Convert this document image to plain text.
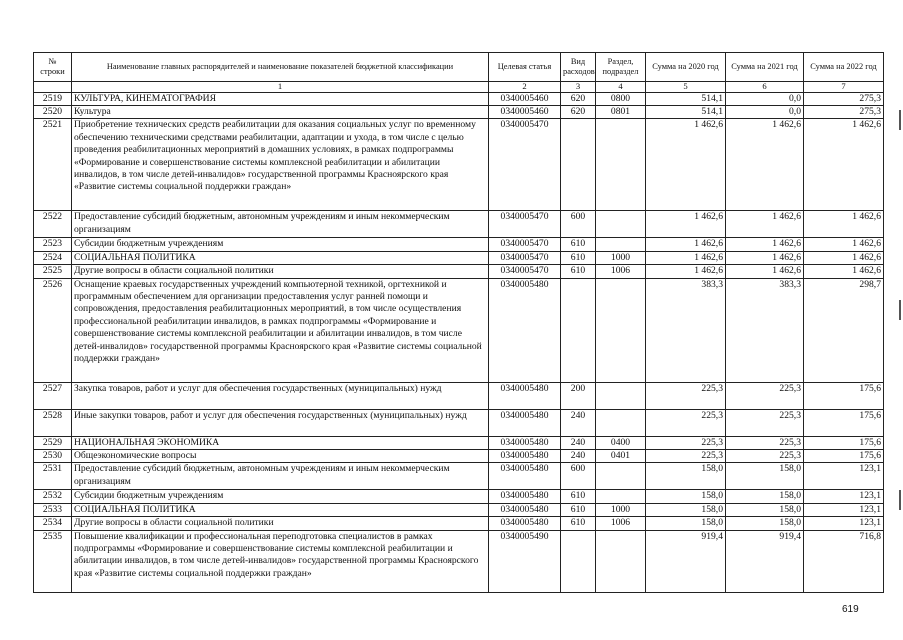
№ строки	Наименование главных распорядителей и наименование показателей бюджетной классификации	Целевая статья	Вид расходов	Раздел, подраздел	Сумма на 2020 год	Сумма на 2021 год	Сумма на 2022 год
	1	2	3	4	5	6	7
2519	КУЛЬТУРА, КИНЕМАТОГРАФИЯ	0340005460	620	0800	514,1	0,0	275,3
2520	Культура	0340005460	620	0801	514,1	0,0	275,3
2521	Приобретение технических средств реабилитации для оказания социальных услуг по временному обеспечению техническими средствами реабилитации, адаптации и ухода, в том числе с целью проведения реабилитационных мероприятий в домашних условиях, в рамках подпрограммы «Формирование и совершенствование системы комплексной реабилитации и абилитации инвалидов, в том числе детей-инвалидов» государственной программы Красноярского края «Развитие системы социальной поддержки граждан»	0340005470			1 462,6	1 462,6	1 462,6
2522	Предоставление субсидий бюджетным, автономным учреждениям и иным некоммерческим организациям	0340005470	600		1 462,6	1 462,6	1 462,6
2523	Субсидии бюджетным учреждениям	0340005470	610		1 462,6	1 462,6	1 462,6
2524	СОЦИАЛЬНАЯ ПОЛИТИКА	0340005470	610	1000	1 462,6	1 462,6	1 462,6
2525	Другие вопросы в области социальной политики	0340005470	610	1006	1 462,6	1 462,6	1 462,6
2526	Оснащение краевых государственных учреждений компьютерной техникой, оргтехникой и программным обеспечением для организации предоставления услуг ранней помощи и сопровождения, предоставления реабилитационных мероприятий, в том числе осуществления профессиональной реабилитации инвалидов, в рамках подпрограммы «Формирование и совершенствование системы комплексной реабилитации и абилитации инвалидов, в том числе детей-инвалидов» государственной программы Красноярского края «Развитие системы социальной поддержки граждан»	0340005480			383,3	383,3	298,7
2527	Закупка товаров, работ и услуг для обеспечения государственных (муниципальных) нужд	0340005480	200		225,3	225,3	175,6
2528	Иные закупки товаров, работ и услуг для обеспечения государственных (муниципальных) нужд	0340005480	240		225,3	225,3	175,6
2529	НАЦИОНАЛЬНАЯ ЭКОНОМИКА	0340005480	240	0400	225,3	225,3	175,6
2530	Общеэкономические вопросы	0340005480	240	0401	225,3	225,3	175,6
2531	Предоставление субсидий бюджетным, автономным учреждениям и иным некоммерческим организациям	0340005480	600		158,0	158,0	123,1
2532	Субсидии бюджетным учреждениям	0340005480	610		158,0	158,0	123,1
2533	СОЦИАЛЬНАЯ ПОЛИТИКА	0340005480	610	1000	158,0	158,0	123,1
2534	Другие вопросы в области социальной политики	0340005480	610	1006	158,0	158,0	123,1
2535	Повышение квалификации и профессиональная переподготовка специалистов в рамках подпрограммы «Формирование и совершенствование системы комплексной реабилитации и абилитации инвалидов, в том числе детей-инвалидов» государственной программы Красноярского края «Развитие системы социальной поддержки граждан»	0340005490			919,4	919,4	716,8
619
